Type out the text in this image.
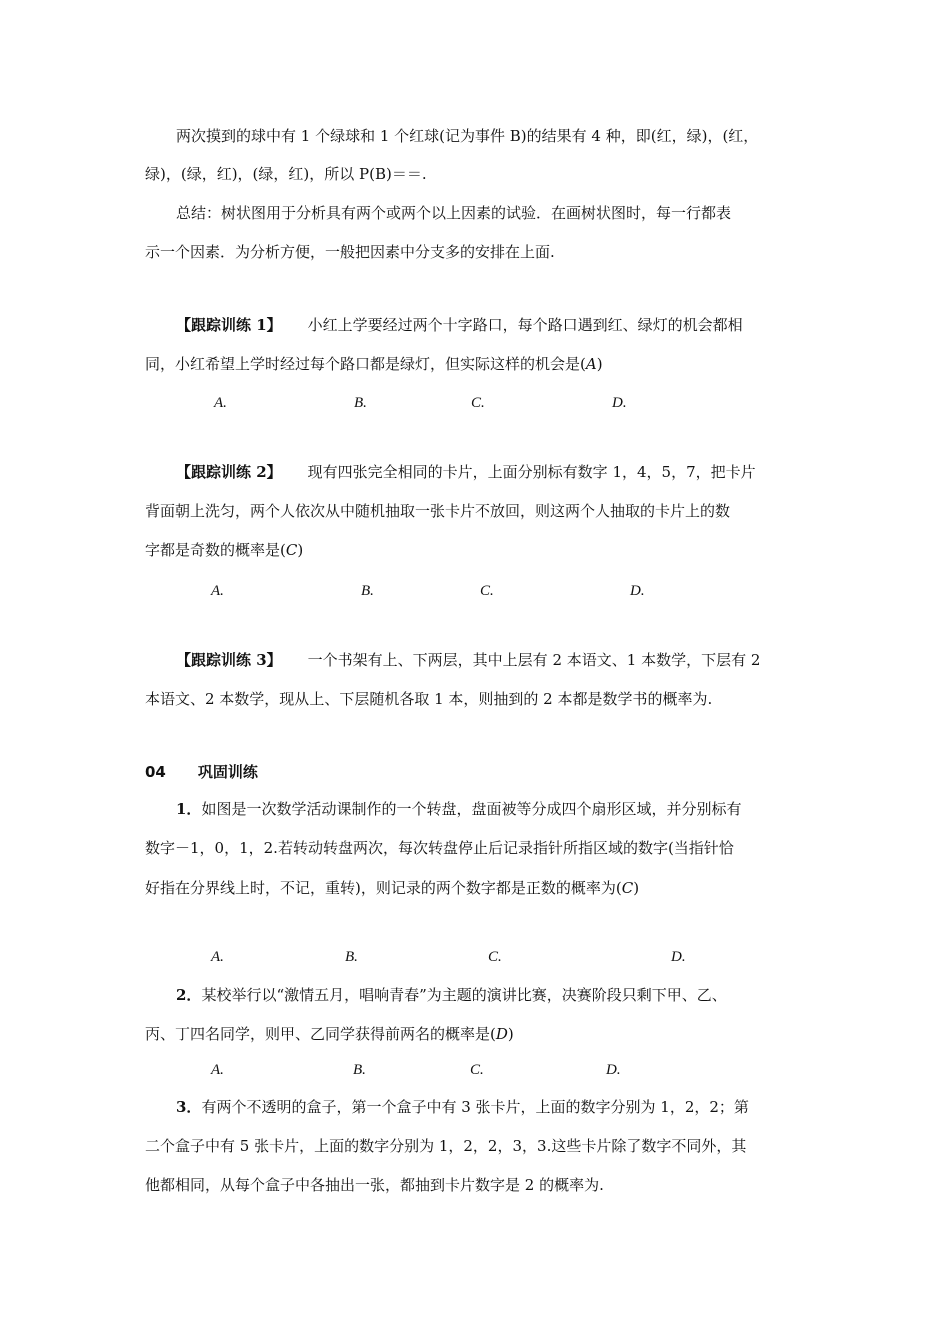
两次摸到的球中有 1 个绿球和 1 个红球(记为事件 B)的结果有 4 种，即(红，绿)，(红，
绿)，(绿，红)，(绿，红)，所以 P(B)＝＝.
总结：树状图用于分析具有两个或两个以上因素的试验．在画树状图时，每一行都表
示一个因素．为分析方便，一般把因素中分支多的安排在上面.
【跟踪训练 1】 小红上学要经过两个十字路口，每个路口遇到红、绿灯的机会都相
同，小红希望上学时经过每个路口都是绿灯，但实际这样的机会是(A)
A.	B.	C.	D.
【跟踪训练 2】 现有四张完全相同的卡片，上面分别标有数字 1，4，5，7，把卡片
背面朝上洗匀，两个人依次从中随机抽取一张卡片不放回，则这两个人抽取的卡片上的数
字都是奇数的概率是(C)
A.	B.	C.	D.
【跟踪训练 3】 一个书架有上、下两层，其中上层有 2 本语文、1 本数学，下层有 2
本语文、2 本数学，现从上、下层随机各取 1 本，则抽到的 2 本都是数学书的概率为.
04 巩固训练
1．如图是一次数学活动课制作的一个转盘，盘面被等分成四个扇形区域，并分别标有
数字－1，0，1，2.若转动转盘两次，每次转盘停止后记录指针所指区域的数字(当指针恰
好指在分界线上时，不记，重转)，则记录的两个数字都是正数的概率为(C)
A.	B.	C.	D.
2．某校举行以“激情五月，唱响青春”为主题的演讲比赛，决赛阶段只剩下甲、乙、
丙、丁四名同学，则甲、乙同学获得前两名的概率是(D)
A.	B.	C.	D.
3．有两个不透明的盒子，第一个盒子中有 3 张卡片，上面的数字分别为 1，2，2；第
二个盒子中有 5 张卡片，上面的数字分别为 1，2，2，3，3.这些卡片除了数字不同外，其
他都相同，从每个盒子中各抽出一张，都抽到卡片数字是 2 的概率为.
